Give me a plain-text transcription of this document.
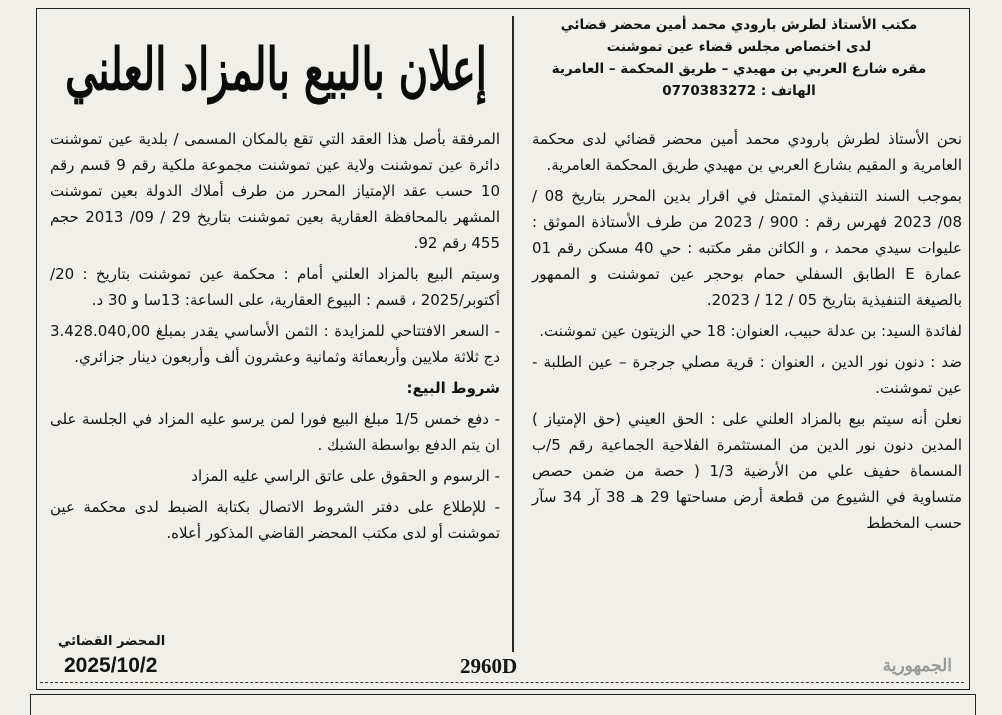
مكتب الأستاذ لطرش بارودي محمد أمين محضر قضائي
لدى اختصاص مجلس قضاء عين تموشنت
مقره شارع العربي بن مهيدي – طريق المحكمة – العامرية
الهاتف : 0770383272
إعلان بالبيع بالمزاد العلني

نحن الأستاذ لطرش بارودي محمد أمين محضر قضائي لدى محكمة العامرية و المقيم بشارع العربي بن مهيدي طريق المحكمة العامرية.

بموجب السند التنفيذي المتمثل في اقرار بدين المحرر بتاريخ 08 / 08/ 2023 فهرس رقم : 900 / 2023 من طرف الأستاذة الموثق : عليوات سيدي محمد ، و الكائن مقر مكتبه : حي 40 مسكن رقم 01 عمارة E الطابق السفلي حمام بوحجر عين تموشنت و الممهور بالصيغة التنفيذية بتاريخ 05 / 12 / 2023.

لفائدة السيد: بن عدلة حبيب، العنوان: 18 حي الزيتون عين تموشنت.

ضد : دنون نور الدين ، العنوان : قرية مصلي جرجرة – عين الطلبة - عين تموشنت.

نعلن أنه سيتم بيع بالمزاد العلني على : الحق العيني (حق الإمتياز ) المدين دنون نور الدين من المستثمرة الفلاحية الجماعية رقم 5/ب المسماة حفيف علي من الأرضية 1/3 ( حصة من ضمن حصص متساوية في الشيوع من قطعة أرض مساحتها 29 هـ 38 آر 34 سآر حسب المخطط

المرفقة بأصل هذا العقد التي تقع بالمكان المسمى / بلدية عين تموشنت دائرة عين تموشنت ولاية عين تموشنت مجموعة ملكية رقم 9 قسم رقم 10 حسب عقد الإمتياز المحرر من طرف أملاك الدولة بعين تموشنت المشهر بالمحافظة العقارية بعين تموشنت بتاريخ 29 / 09/ 2013 حجم 455 رقم 92.

وسيتم البيع بالمزاد العلني أمام : محكمة عين تموشنت بتاريخ : 20/أكتوبر/2025 ، قسم : البيوع العقارية، على الساعة: 13سا و 30 د.

- السعر الافتتاحي للمزايدة : الثمن الأساسي يقدر بمبلغ 3.428.040,00 دج ثلاثة ملايين وأربعمائة وثمانية وعشرون ألف وأربعون دينار جزائري.

شروط البيع:

- دفع خمس 1/5 مبلغ البيع فورا لمن يرسو عليه المزاد في الجلسة على ان يتم الدفع بواسطة الشبك .

- الرسوم و الحقوق على عاتق الراسي عليه المزاد

- للإطلاع على دفتر الشروط الاتصال بكتابة الضبط لدى محكمة عين تموشنت أو لدى مكتب المحضر القاضي المذكور أعلاه.

المحضر القضائي
2025/10/2	2960D	الجمهورية
